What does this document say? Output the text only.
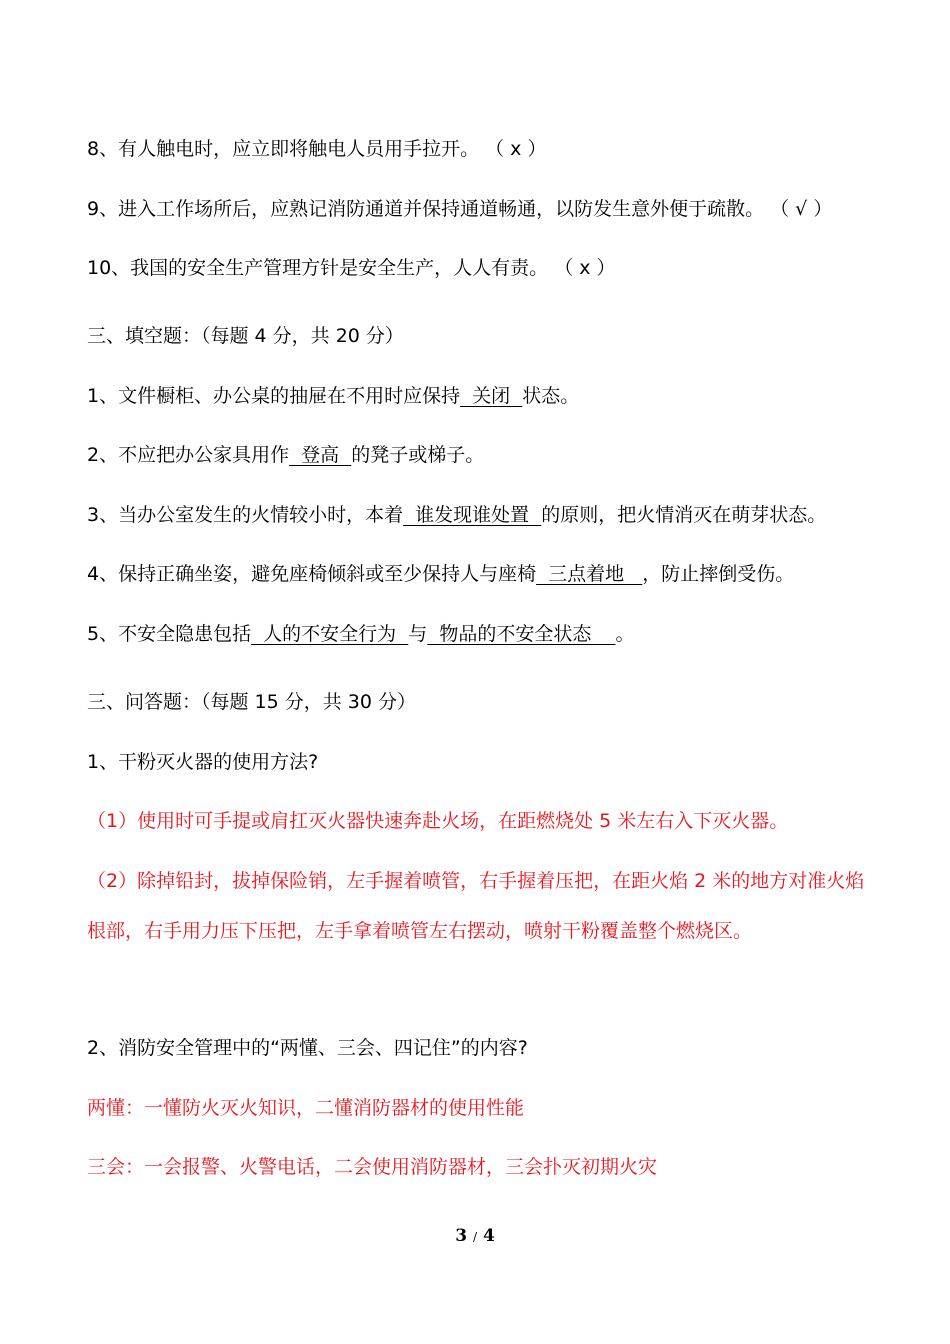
8、有人触电时，应立即将触电人员用手拉开。 （ x ）
9、进入工作场所后，应熟记消防通道并保持通道畅通，以防发生意外便于疏散。 （ √ ）
10、我国的安全生产管理方针是安全生产，人人有责。 （ x ）
三、填空题：（每题 4 分，共 20 分）
1、文件橱柜、办公桌的抽屉在不用时应保持  关闭  状态。
2、不应把办公家具用作  登高  的凳子或梯子。
3、当办公室发生的火情较小时，本着  谁发现谁处置  的原则，把火情消灭在萌芽状态。
4、保持正确坐姿，避免座椅倾斜或至少保持人与座椅  三点着地   ，防止摔倒受伤。
5、不安全隐患包括  人的不安全行为  与  物品的不安全状态    。
三、问答题：（每题 15 分，共 30 分）
1、干粉灭火器的使用方法?
（1）使用时可手提或肩扛灭火器快速奔赴火场，在距燃烧处 5 米左右入下灭火器。
（2）除掉铅封，拔掉保险销，左手握着喷管，右手握着压把，在距火焰 2 米的地方对准火焰
根部，右手用力压下压把，左手拿着喷管左右摆动，喷射干粉覆盖整个燃烧区。
2、消防安全管理中的“两懂、三会、四记住”的内容?
两懂：一懂防火灭火知识，二懂消防器材的使用性能
三会：一会报警、火警电话，二会使用消防器材，三会扑灭初期火灾
3 / 4
